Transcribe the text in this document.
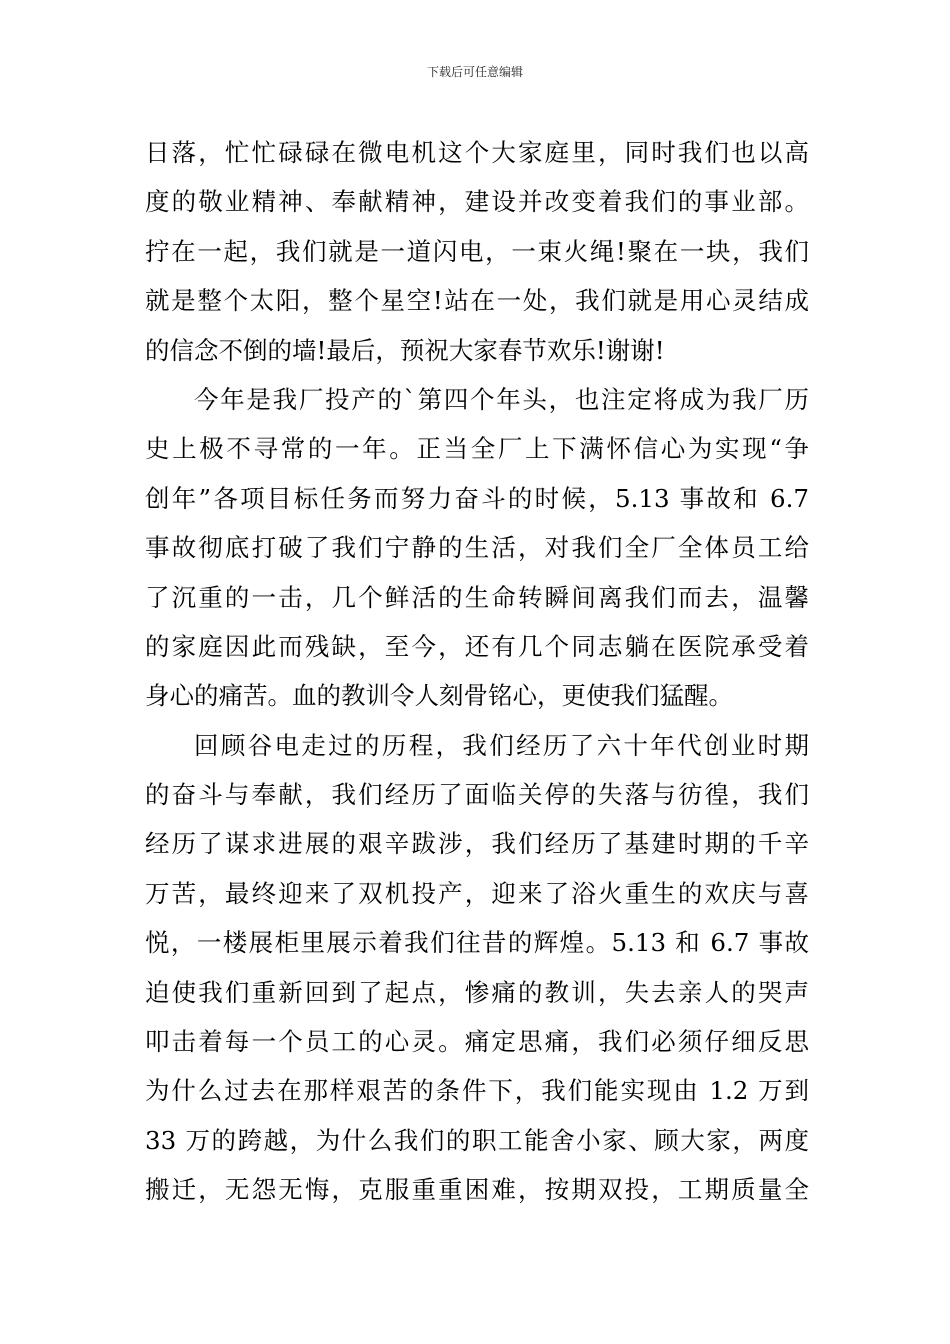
下载后可任意编辑
日落，忙忙碌碌在微电机这个大家庭里，同时我们也以高
度的敬业精神、奉献精神，建设并改变着我们的事业部。
拧在一起，我们就是一道闪电，一束火绳!聚在一块，我们
就是整个太阳，整个星空!站在一处，我们就是用心灵结成
的信念不倒的墙!最后，预祝大家春节欢乐!谢谢!
今年是我厂投产的`第四个年头，也注定将成为我厂历
史上极不寻常的一年。正当全厂上下满怀信心为实现“争
创年”各项目标任务而努力奋斗的时候，5.13 事故和 6.7
事故彻底打破了我们宁静的生活，对我们全厂全体员工给
了沉重的一击，几个鲜活的生命转瞬间离我们而去，温馨
的家庭因此而残缺，至今，还有几个同志躺在医院承受着
身心的痛苦。血的教训令人刻骨铭心，更使我们猛醒。
回顾谷电走过的历程，我们经历了六十年代创业时期
的奋斗与奉献，我们经历了面临关停的失落与彷徨，我们
经历了谋求进展的艰辛跋涉，我们经历了基建时期的千辛
万苦，最终迎来了双机投产，迎来了浴火重生的欢庆与喜
悦，一楼展柜里展示着我们往昔的辉煌。5.13 和 6.7 事故
迫使我们重新回到了起点，惨痛的教训，失去亲人的哭声
叩击着每一个员工的心灵。痛定思痛，我们必须仔细反思
为什么过去在那样艰苦的条件下，我们能实现由 1.2 万到
33 万的跨越，为什么我们的职工能舍小家、顾大家，两度
搬迁，无怨无悔，克服重重困难，按期双投，工期质量全
